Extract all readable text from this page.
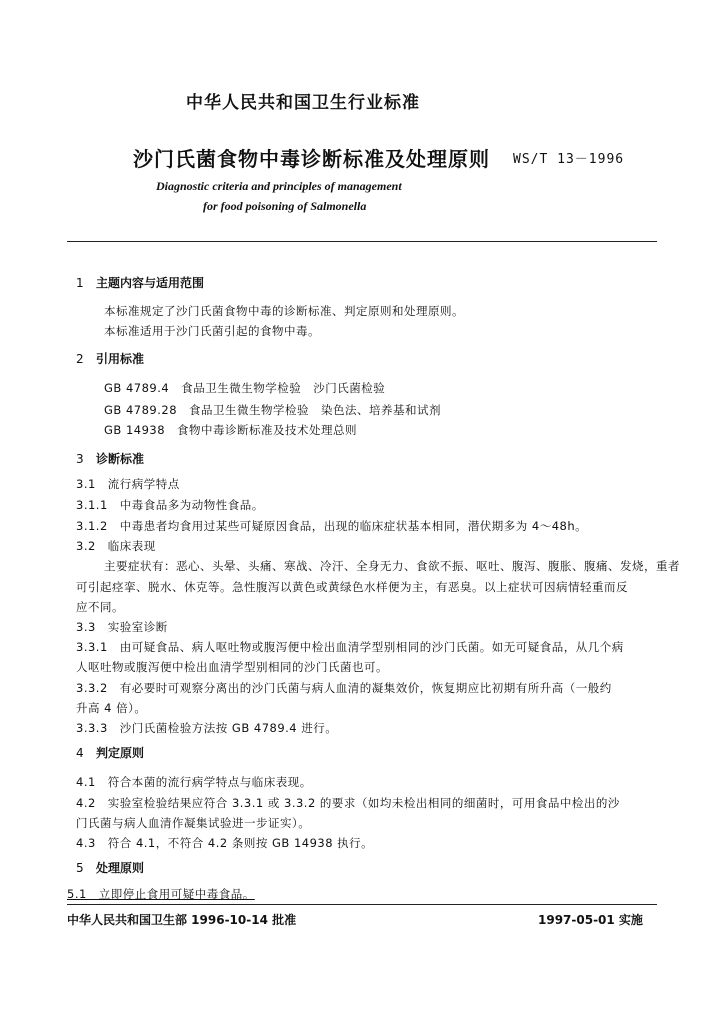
中华人民共和国卫生行业标准
沙门氏菌食物中毒诊断标准及处理原则 WS/T 13－1996
Diagnostic criteria and principles of management
for food poisoning of Salmonella
1 主题内容与适用范围
本标准规定了沙门氏菌食物中毒的诊断标准、判定原则和处理原则。
本标准适用于沙门氏菌引起的食物中毒。
2 引用标准
GB 4789.4　食品卫生微生物学检验　沙门氏菌检验
GB 4789.28　食品卫生微生物学检验　染色法、培养基和试剂
GB 14938　食物中毒诊断标准及技术处理总则
3 诊断标准
3.1　流行病学特点
3.1.1　中毒食品多为动物性食品。
3.1.2　中毒患者均食用过某些可疑原因食品，出现的临床症状基本相同，潜伏期多为 4～48h。
3.2　临床表现
主要症状有：恶心、头晕、头痛、寒战、冷汗、全身无力、食欲不振、呕吐、腹泻、腹胀、腹痛、发烧，重者
可引起痉挛、脱水、休克等。急性腹泻以黄色或黄绿色水样便为主，有恶臭。以上症状可因病情轻重而反
应不同。
3.3　实验室诊断
3.3.1　由可疑食品、病人呕吐物或腹泻便中检出血清学型别相同的沙门氏菌。如无可疑食品，从几个病
人呕吐物或腹泻便中检出血清学型别相同的沙门氏菌也可。
3.3.2　有必要时可观察分离出的沙门氏菌与病人血清的凝集效价，恢复期应比初期有所升高（一般约
升高 4 倍）。
3.3.3　沙门氏菌检验方法按 GB 4789.4 进行。
4 判定原则
4.1　符合本菌的流行病学特点与临床表现。
4.2　实验室检验结果应符合 3.3.1 或 3.3.2 的要求（如均未检出相同的细菌时，可用食品中检出的沙
门氏菌与病人血清作凝集试验进一步证实）。
4.3　符合 4.1，不符合 4.2 条则按 GB 14938 执行。
5 处理原则
5.1　立即停止食用可疑中毒食品。
中华人民共和国卫生部 1996-10-14 批准	1997-05-01 实施
